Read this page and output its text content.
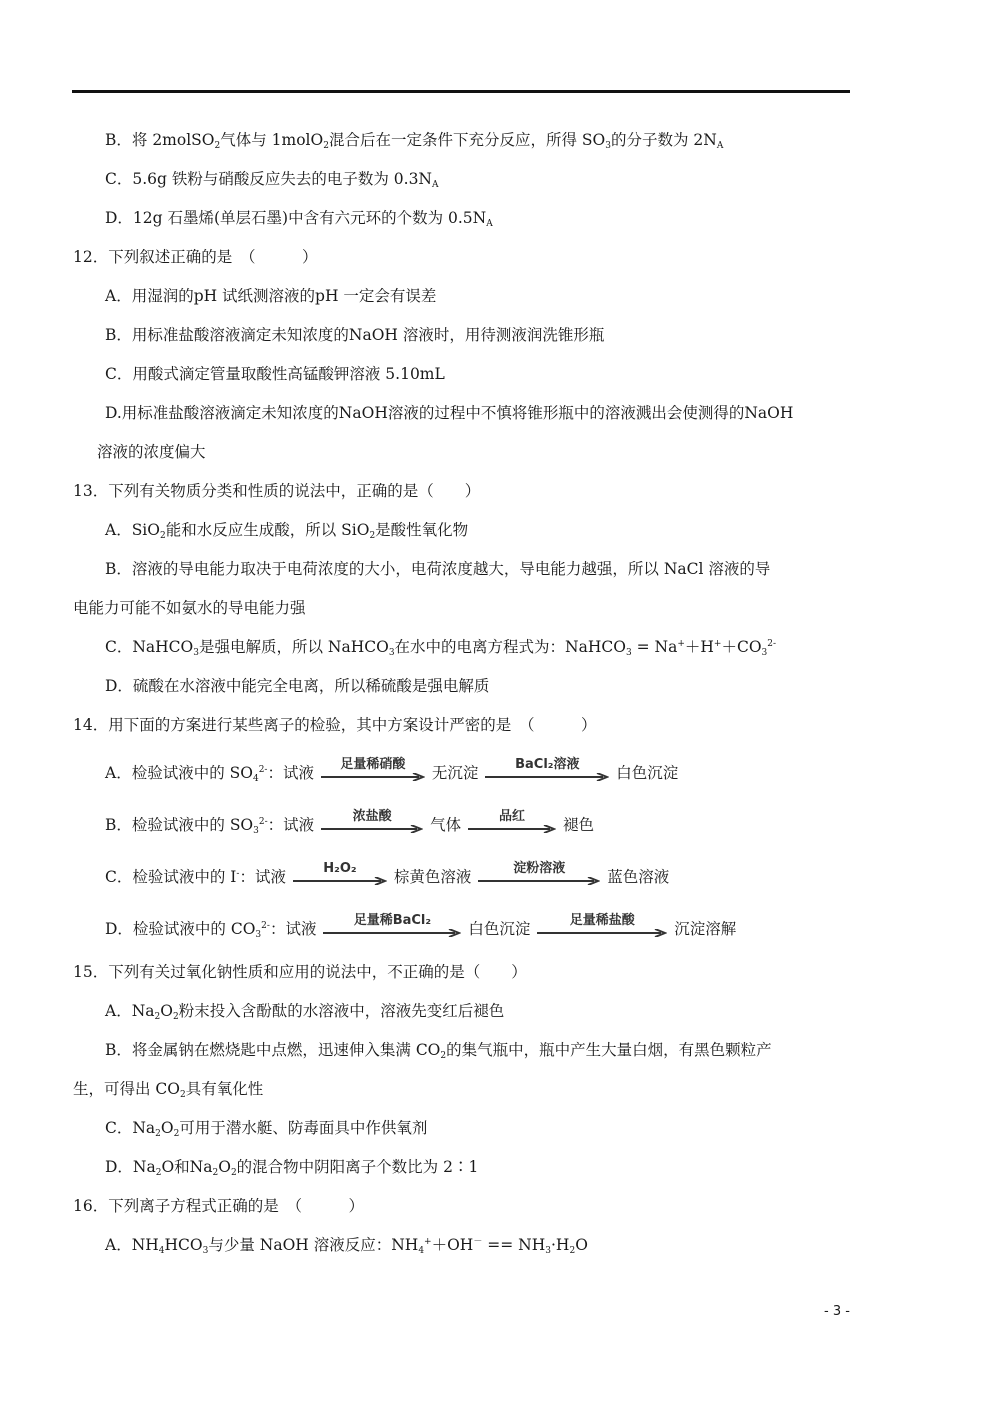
B．将 2molSO$_2$气体与 1molO$_2$混合后在一定条件下充分反应，所得 $SO_3$的分子数为 $2N_A$
C．5.6g 铁粉与硝酸反应失去的电子数为 $0.3N_A$
D．12g 石墨烯(单层石墨)中含有六元环的个数为 $0.5N_A$
12．下列叙述正确的是　（　　　）
A．用湿润的pH 试纸测溶液的pH 一定会有误差
B．用标准盐酸溶液滴定未知浓度的NaOH 溶液时，用待测液润洗锥形瓶
C．用酸式滴定管量取酸性高锰酸钾溶液 5.10mL
D.用标准盐酸溶液滴定未知浓度的NaOH溶液的过程中不慎将锥形瓶中的溶液溅出会使测得的NaOH
溶液的浓度偏大
13．下列有关物质分类和性质的说法中，正确的是（　　）
A．SiO$_2$能和水反应生成酸，所以 SiO$_2$是酸性氧化物
B．溶液的导电能力取决于电荷浓度的大小，电荷浓度越大，导电能力越强，所以 NaCl 溶液的导
电能力可能不如氨水的导电能力强
C．NaHCO$_3$是强电解质，所以 NaHCO$_3$在水中的电离方程式为：NaHCO$_3$ = $Na^++H^++CO_3^{2-}$
D．硫酸在水溶液中能完全电离，所以稀硫酸是强电解质
14．用下面的方案进行某些离子的检验，其中方案设计严密的是　（　　　）
A．检验试液中的 $SO_4^{2-}$：试液	足量稀硝酸	无沉淀	BaCl₂溶液	白色沉淀
B．检验试液中的 $SO_3^{2-}$：试液	浓盐酸	气体	品红	褪色
C．检验试液中的 I-：试液	H₂O₂	棕黄色溶液	淀粉溶液	蓝色溶液
D．检验试液中的 $CO_3^{2-}$：试液	足量稀BaCl₂	白色沉淀	足量稀盐酸	沉淀溶解
15．下列有关过氧化钠性质和应用的说法中，不正确的是（　　）
A．$Na_2O_2$粉末投入含酚酞的水溶液中，溶液先变红后褪色
B．将金属钠在燃烧匙中点燃，迅速伸入集满 $CO_2$的集气瓶中，瓶中产生大量白烟，有黑色颗粒产
生，可得出 $CO_2$具有氧化性
C．$Na_2O_2$可用于潜水艇、防毒面具中作供氧剂
D．$Na_2O$和$Na_2O_2$的混合物中阴阳离子个数比为 2∶1
16．下列离子方程式正确的是　（　　　）
A．$NH_4HCO_3$与少量 NaOH 溶液反应：$NH_4^++OH^- == NH_3\cdot H_2O$
- 3 -
